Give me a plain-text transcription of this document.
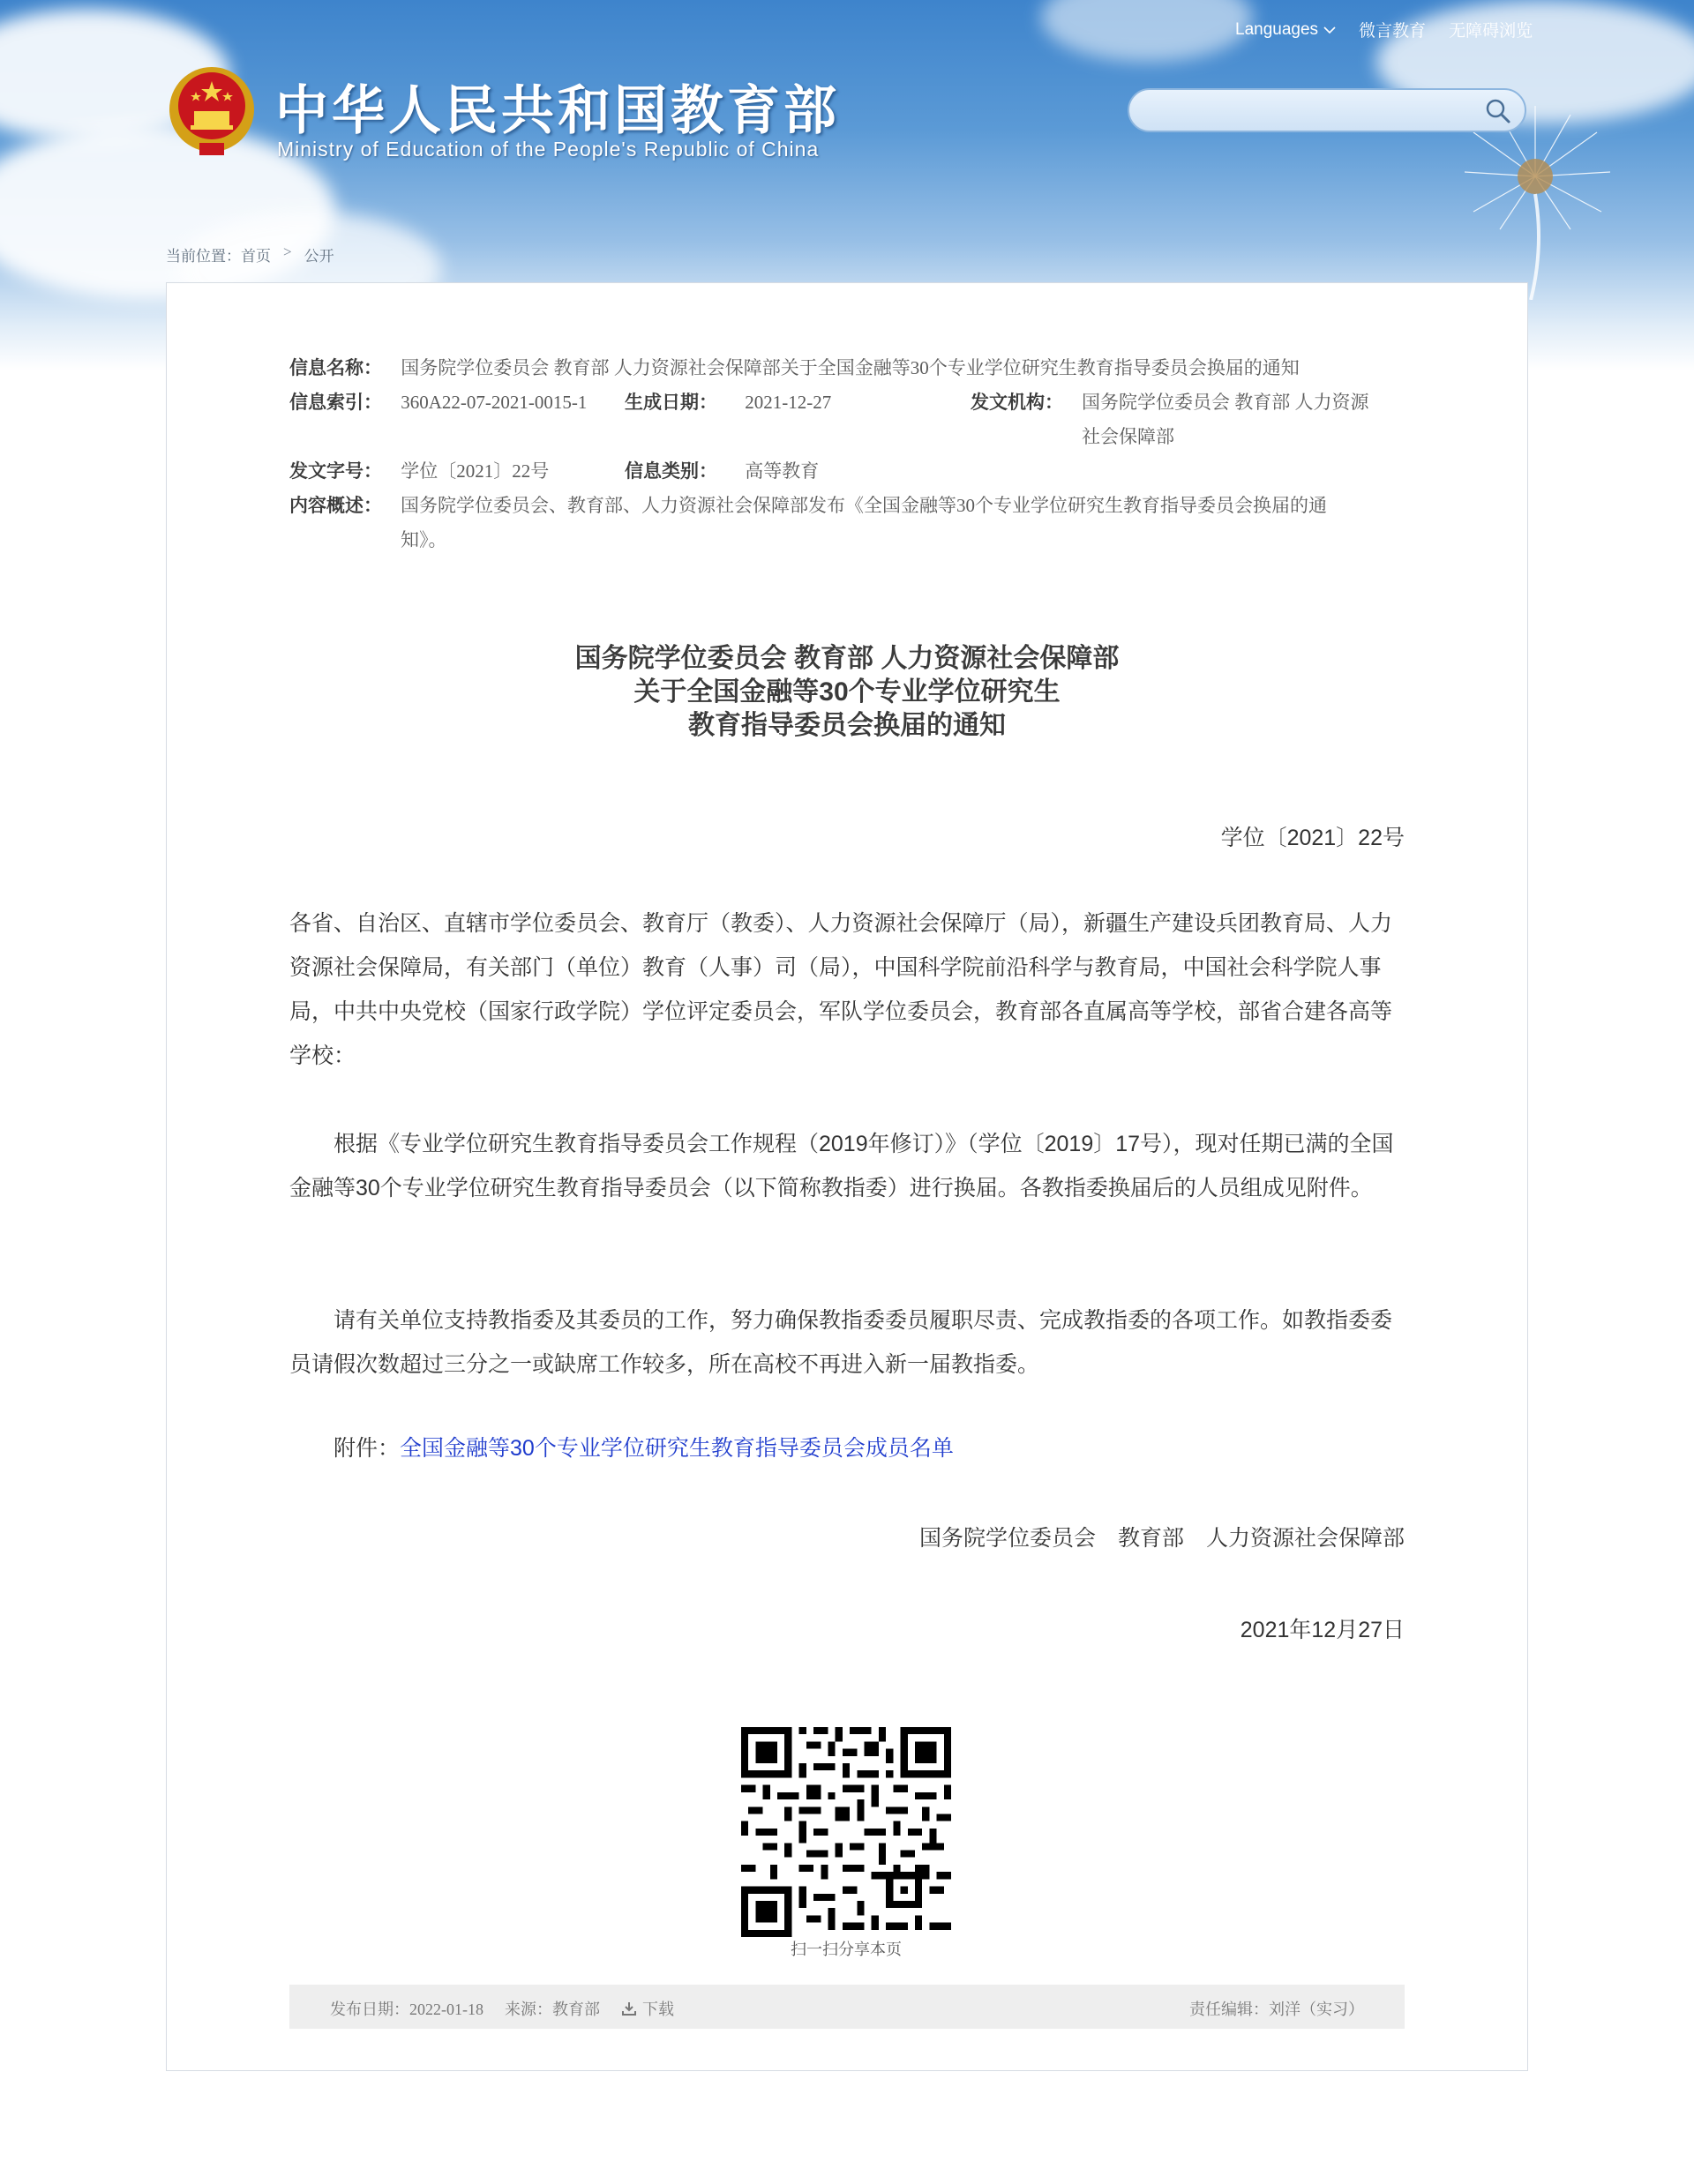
Languages 微言教育 无障碍浏览
中华人民共和国教育部
Ministry of Education of the People's Republic of China
当前位置： 首页 > 公开
信息名称： 国务院学位委员会 教育部 人力资源社会保障部关于全国金融等30个专业学位研究生教育指导委员会换届的通知
信息索引： 360A22-07-2021-0015-1 生成日期： 2021-12-27	发文机构： 国务院学位委员会 教育部 人力资源
社会保障部
发文字号： 学位〔2021〕22号	信息类别： 高等教育
内容概述： 国务院学位委员会、教育部、人力资源社会保障部发布《全国金融等30个专业学位研究生教育指导委员会换届的通
知》。
国务院学位委员会 教育部 人力资源社会保障部
关于全国金融等30个专业学位研究生
教育指导委员会换届的通知
学位〔2021〕22号
各省、自治区、直辖市学位委员会、教育厅（教委）、人力资源社会保障厅（局），新疆生产建设兵团教育局、人力资源社会保障局，有关部门（单位）教育（人事）司（局），中国科学院前沿科学与教育局，中国社会科学院人事局，中共中央党校（国家行政学院）学位评定委员会，军队学位委员会，教育部各直属高等学校，部省合建各高等学校：
根据《专业学位研究生教育指导委员会工作规程（2019年修订）》（学位〔2019〕17号），现对任期已满的全国金融等30个专业学位研究生教育指导委员会（以下简称教指委）进行换届。各教指委换届后的人员组成见附件。
请有关单位支持教指委及其委员的工作，努力确保教指委委员履职尽责、完成教指委的各项工作。如教指委委员请假次数超过三分之一或缺席工作较多，所在高校不再进入新一届教指委。
附件：全国金融等30个专业学位研究生教育指导委员会成员名单
国务院学位委员会　教育部　人力资源社会保障部
2021年12月27日
扫一扫分享本页
发布日期：2022-01-18 来源：教育部	下载	责任编辑：刘洋（实习）
